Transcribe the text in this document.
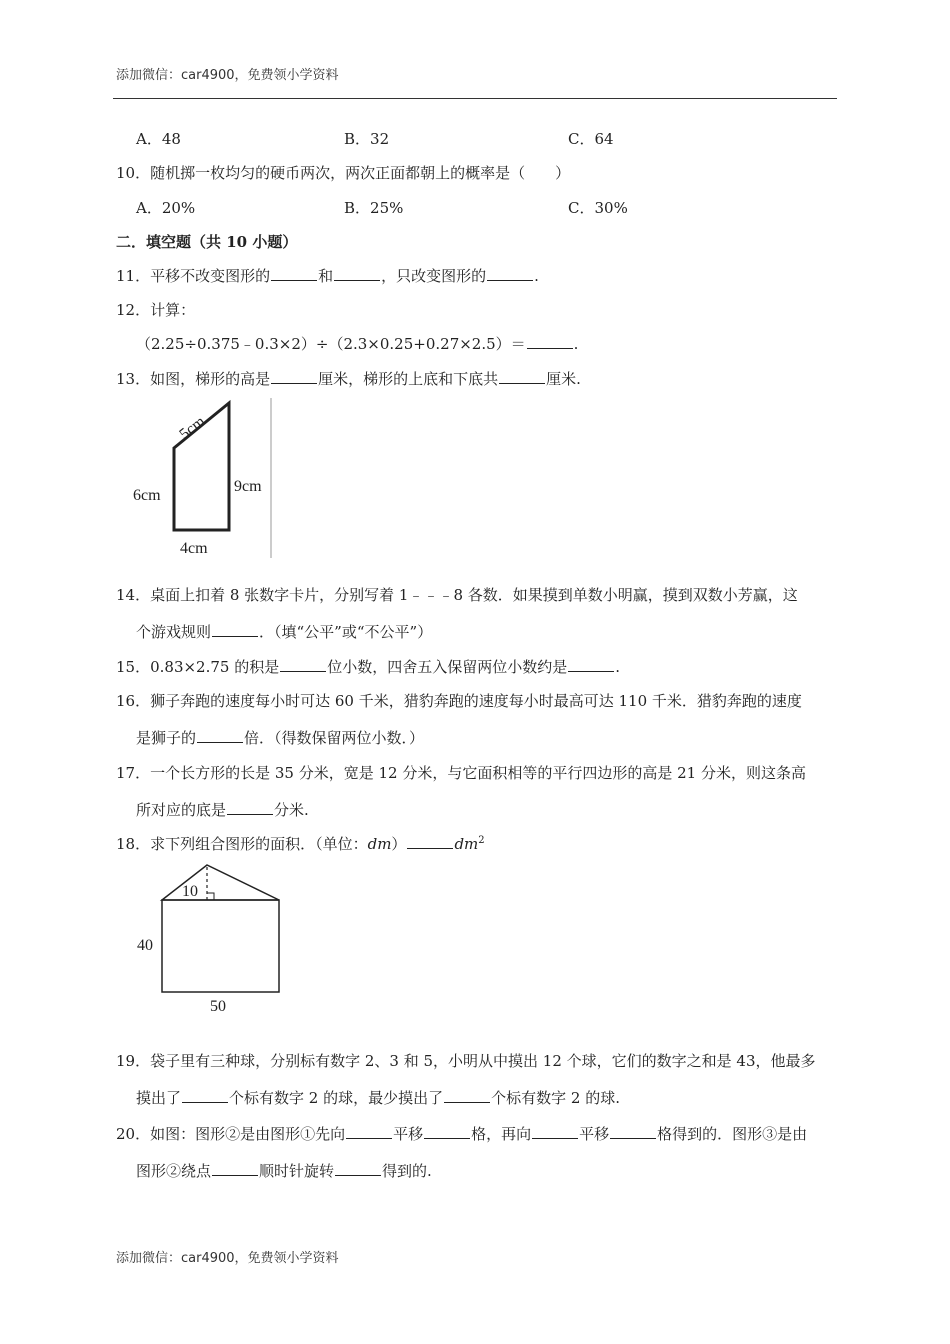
添加微信：car4900，免费领小学资料
A．48	B．32	C．64
10．随机掷一枚均匀的硬币两次，两次正面都朝上的概率是（　　）
A．20%	B．25%	C．30%
二．填空题（共 10 小题）
11．平移不改变图形的	和	，只改变图形的	.
12．计算：
（2.25÷0.375﹣0.3×2）÷（2.3×0.25+0.27×2.5）＝	.
13．如图，梯形的高是	厘米，梯形的上底和下底共	厘米.
5cm
6cm
9cm
4cm
14．桌面上扣着 8 张数字卡片，分别写着 1﹣﹣﹣8 各数．如果摸到单数小明赢，摸到双数小芳赢，这
个游戏规则	．（填“公平”或“不公平”）
15．0.83×2.75 的积是	位小数，四舍五入保留两位小数约是	.
16．狮子奔跑的速度每小时可达 60 千米，猎豹奔跑的速度每小时最高可达 110 千米．猎豹奔跑的速度
是狮子的	倍．（得数保留两位小数．）
17．一个长方形的长是 35 分米，宽是 12 分米，与它面积相等的平行四边形的高是 21 分米，则这条高
所对应的底是	分米.
18．求下列组合图形的面积．（单位：dm）	$dm^2$
10
40
50
19．袋子里有三种球，分别标有数字 2、3 和 5，小明从中摸出 12 个球，它们的数字之和是 43，他最多
摸出了	个标有数字 2 的球，最少摸出了	个标有数字 2 的球.
20．如图：图形②是由图形①先向	平移	格，再向	平移	格得到的．图形③是由
图形②绕点	顺时针旋转	得到的.
添加微信：car4900，免费领小学资料
